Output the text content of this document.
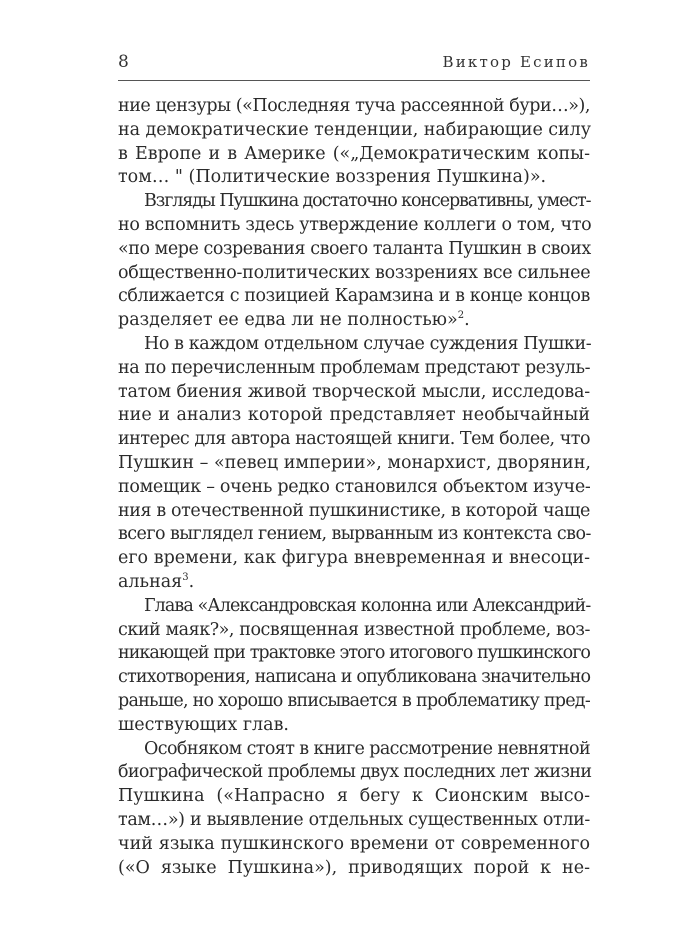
8	Виктор Есипов
ние цензуры («Последняя туча рассеянной бури…»),
на демократические тенденции, набирающие силу
в Европе и в Америке («„Демократическим копы-
том… " (Политические воззрения Пушкина)».
Взгляды Пушкина достаточно консервативны, умест-
но вспомнить здесь утверждение коллеги о том, что
«по мере созревания своего таланта Пушкин в своих
общественно-политических воззрениях все сильнее
сближается с позицией Карамзина и в конце концов
разделяет ее едва ли не полностью»$^2$.
Но в каждом отдельном случае суждения Пушки-
на по перечисленным проблемам предстают резуль-
татом биения живой творческой мысли, исследова-
ние и анализ которой представляет необычайный
интерес для автора настоящей книги. Тем более, что
Пушкин – «певец империи», монархист, дворянин,
помещик – очень редко становился объектом изуче-
ния в отечественной пушкинистике, в которой чаще
всего выглядел гением, вырванным из контекста сво-
его времени, как фигура вневременная и внесоци-
альная$^3$.
Глава «Александровская колонна или Александрий-
ский маяк?», посвященная известной проблеме, воз-
никающей при трактовке этого итогового пушкинского
стихотворения, написана и опубликована значительно
раньше, но хорошо вписывается в проблематику пред-
шествующих глав.
Особняком стоят в книге рассмотрение невнятной
биографической проблемы двух последних лет жизни
Пушкина («Напрасно я бегу к Сионским высо-
там…») и выявление отдельных существенных отли-
чий языка пушкинского времени от современного
(«О языке Пушкина»), приводящих порой к не-
